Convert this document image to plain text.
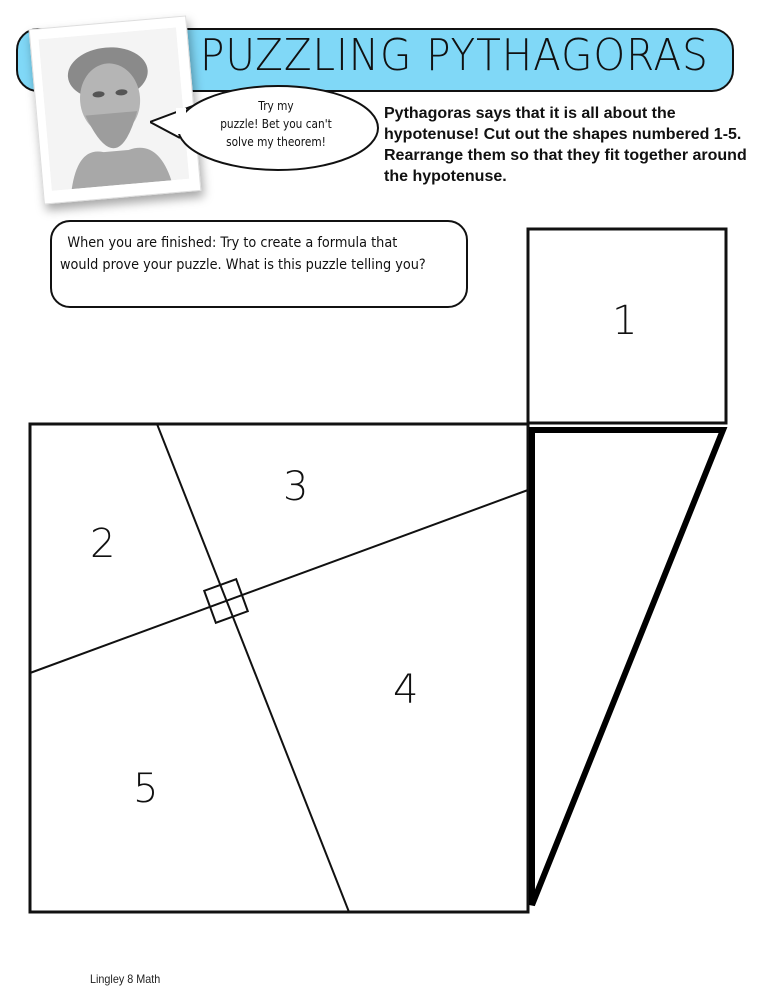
PUZZLING PYTHAGORAS
Try my
puzzle! Bet you can't
solve my theorem!
Pythagoras says that it is all about the hypotenuse! Cut out the shapes numbered 1-5. Rearrange them so that they fit together around the hypotenuse.
When you are finished: Try to create a formula that would prove your puzzle. What is this puzzle telling you?
1
2
3
4
5
Lingley 8 Math
